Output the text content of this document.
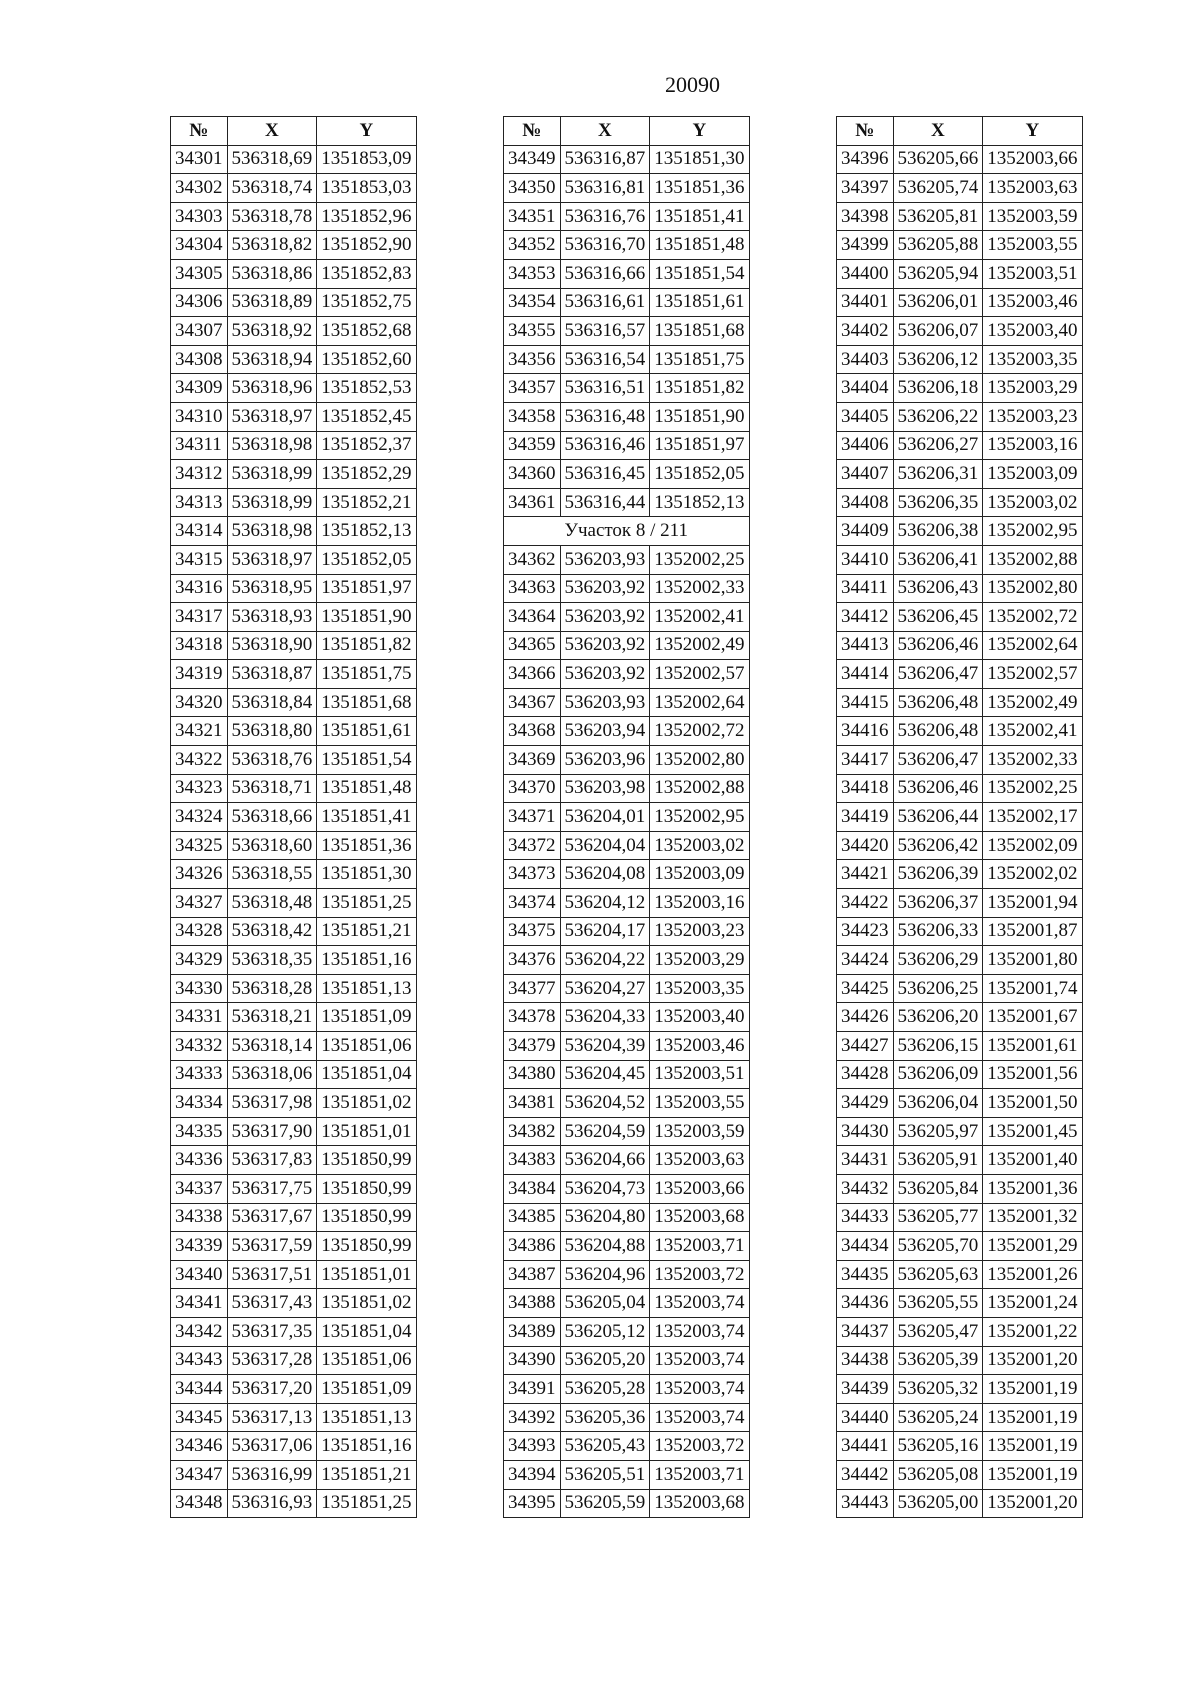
20090
№	X	Y
34301	536318,69	1351853,09
34302	536318,74	1351853,03
34303	536318,78	1351852,96
34304	536318,82	1351852,90
34305	536318,86	1351852,83
34306	536318,89	1351852,75
34307	536318,92	1351852,68
34308	536318,94	1351852,60
34309	536318,96	1351852,53
34310	536318,97	1351852,45
34311	536318,98	1351852,37
34312	536318,99	1351852,29
34313	536318,99	1351852,21
34314	536318,98	1351852,13
34315	536318,97	1351852,05
34316	536318,95	1351851,97
34317	536318,93	1351851,90
34318	536318,90	1351851,82
34319	536318,87	1351851,75
34320	536318,84	1351851,68
34321	536318,80	1351851,61
34322	536318,76	1351851,54
34323	536318,71	1351851,48
34324	536318,66	1351851,41
34325	536318,60	1351851,36
34326	536318,55	1351851,30
34327	536318,48	1351851,25
34328	536318,42	1351851,21
34329	536318,35	1351851,16
34330	536318,28	1351851,13
34331	536318,21	1351851,09
34332	536318,14	1351851,06
34333	536318,06	1351851,04
34334	536317,98	1351851,02
34335	536317,90	1351851,01
34336	536317,83	1351850,99
34337	536317,75	1351850,99
34338	536317,67	1351850,99
34339	536317,59	1351850,99
34340	536317,51	1351851,01
34341	536317,43	1351851,02
34342	536317,35	1351851,04
34343	536317,28	1351851,06
34344	536317,20	1351851,09
34345	536317,13	1351851,13
34346	536317,06	1351851,16
34347	536316,99	1351851,21
34348	536316,93	1351851,25
№	X	Y
34349	536316,87	1351851,30
34350	536316,81	1351851,36
34351	536316,76	1351851,41
34352	536316,70	1351851,48
34353	536316,66	1351851,54
34354	536316,61	1351851,61
34355	536316,57	1351851,68
34356	536316,54	1351851,75
34357	536316,51	1351851,82
34358	536316,48	1351851,90
34359	536316,46	1351851,97
34360	536316,45	1351852,05
34361	536316,44	1351852,13
Участок 8 / 211		
34362	536203,93	1352002,25
34363	536203,92	1352002,33
34364	536203,92	1352002,41
34365	536203,92	1352002,49
34366	536203,92	1352002,57
34367	536203,93	1352002,64
34368	536203,94	1352002,72
34369	536203,96	1352002,80
34370	536203,98	1352002,88
34371	536204,01	1352002,95
34372	536204,04	1352003,02
34373	536204,08	1352003,09
34374	536204,12	1352003,16
34375	536204,17	1352003,23
34376	536204,22	1352003,29
34377	536204,27	1352003,35
34378	536204,33	1352003,40
34379	536204,39	1352003,46
34380	536204,45	1352003,51
34381	536204,52	1352003,55
34382	536204,59	1352003,59
34383	536204,66	1352003,63
34384	536204,73	1352003,66
34385	536204,80	1352003,68
34386	536204,88	1352003,71
34387	536204,96	1352003,72
34388	536205,04	1352003,74
34389	536205,12	1352003,74
34390	536205,20	1352003,74
34391	536205,28	1352003,74
34392	536205,36	1352003,74
34393	536205,43	1352003,72
34394	536205,51	1352003,71
34395	536205,59	1352003,68
№	X	Y
34396	536205,66	1352003,66
34397	536205,74	1352003,63
34398	536205,81	1352003,59
34399	536205,88	1352003,55
34400	536205,94	1352003,51
34401	536206,01	1352003,46
34402	536206,07	1352003,40
34403	536206,12	1352003,35
34404	536206,18	1352003,29
34405	536206,22	1352003,23
34406	536206,27	1352003,16
34407	536206,31	1352003,09
34408	536206,35	1352003,02
34409	536206,38	1352002,95
34410	536206,41	1352002,88
34411	536206,43	1352002,80
34412	536206,45	1352002,72
34413	536206,46	1352002,64
34414	536206,47	1352002,57
34415	536206,48	1352002,49
34416	536206,48	1352002,41
34417	536206,47	1352002,33
34418	536206,46	1352002,25
34419	536206,44	1352002,17
34420	536206,42	1352002,09
34421	536206,39	1352002,02
34422	536206,37	1352001,94
34423	536206,33	1352001,87
34424	536206,29	1352001,80
34425	536206,25	1352001,74
34426	536206,20	1352001,67
34427	536206,15	1352001,61
34428	536206,09	1352001,56
34429	536206,04	1352001,50
34430	536205,97	1352001,45
34431	536205,91	1352001,40
34432	536205,84	1352001,36
34433	536205,77	1352001,32
34434	536205,70	1352001,29
34435	536205,63	1352001,26
34436	536205,55	1352001,24
34437	536205,47	1352001,22
34438	536205,39	1352001,20
34439	536205,32	1352001,19
34440	536205,24	1352001,19
34441	536205,16	1352001,19
34442	536205,08	1352001,19
34443	536205,00	1352001,20
